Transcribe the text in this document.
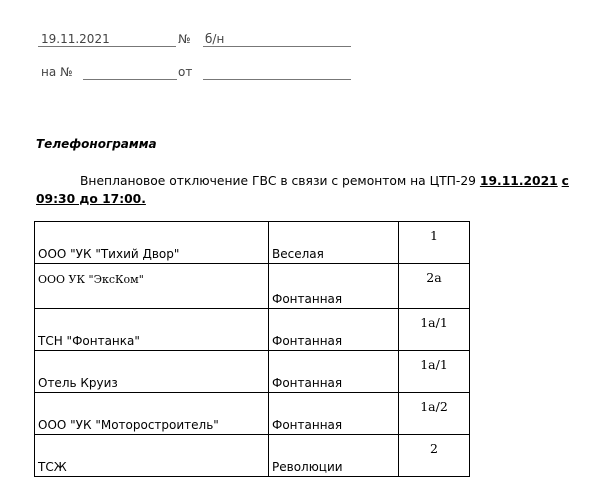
19.11.2021	№ б/н
на №	от
Телефонограмма
Внеплановое отключение ГВС в связи с ремонтом на ЦТП-29 19.11.2021 с 09:30 до 17:00.
ООО "УК "Тихий Двор"	Веселая	1
ООО УК "ЭксКом"	Фонтанная	2а
ТСН "Фонтанка"	Фонтанная	1а/1
Отель Круиз	Фонтанная	1а/1
ООО "УК "Моторостроитель"	Фонтанная	1а/2
ТСЖ	Революции	2
